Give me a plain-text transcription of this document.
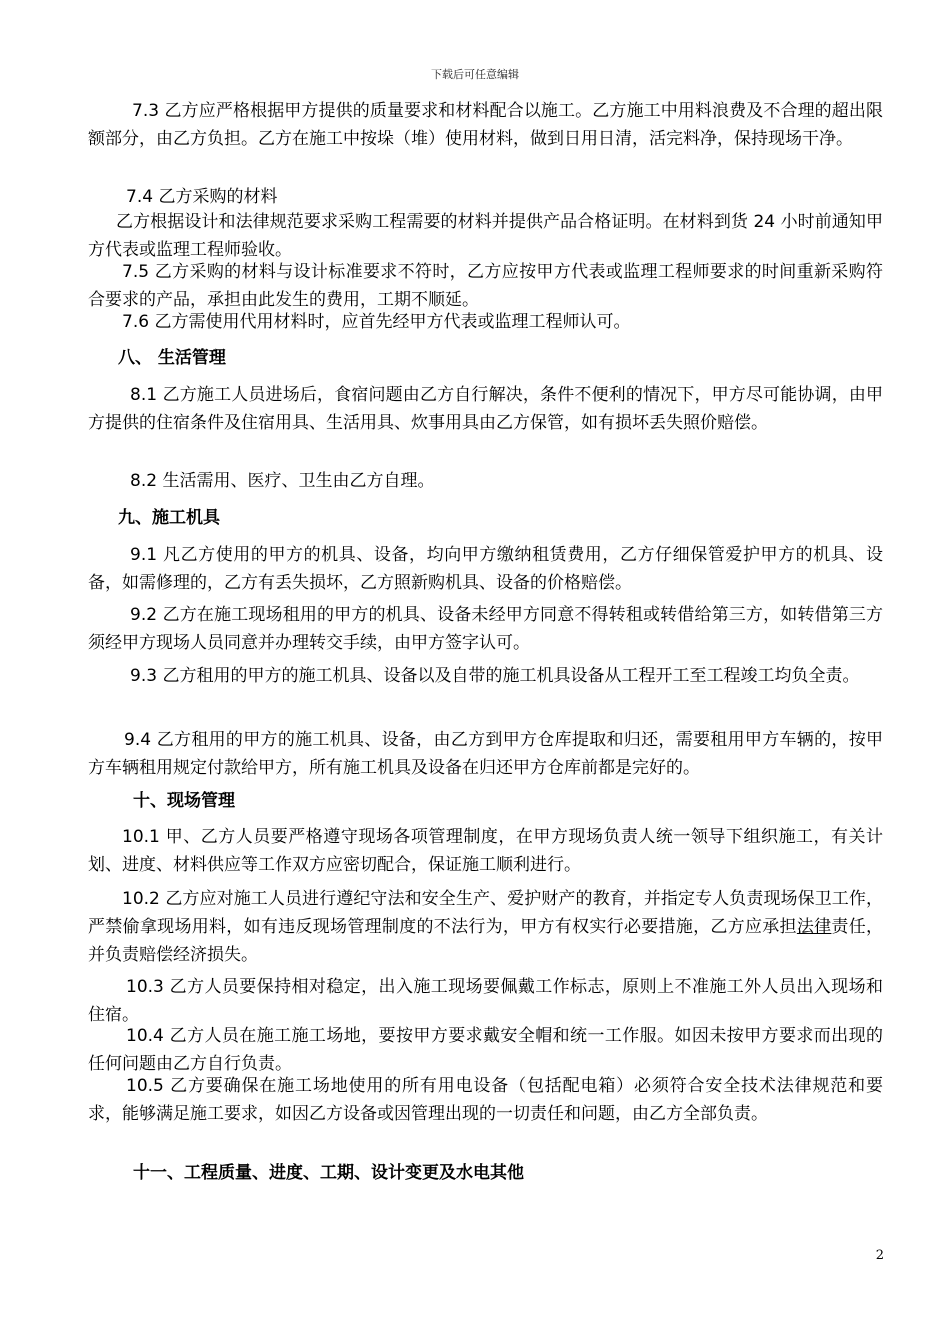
下载后可任意编辑
7.3 乙方应严格根据甲方提供的质量要求和材料配合以施工。乙方施工中用料浪费及不合理的超出限额部分，由乙方负担。乙方在施工中按垛（堆）使用材料，做到日用日清，活完料净，保持现场干净。
7.4 乙方采购的材料
乙方根据设计和法律规范要求采购工程需要的材料并提供产品合格证明。在材料到货 24 小时前通知甲方代表或监理工程师验收。
7.5 乙方采购的材料与设计标准要求不符时，乙方应按甲方代表或监理工程师要求的时间重新采购符合要求的产品，承担由此发生的费用，工期不顺延。
7.6 乙方需使用代用材料时，应首先经甲方代表或监理工程师认可。
八、 生活管理
8.1 乙方施工人员进场后，食宿问题由乙方自行解决，条件不便利的情况下，甲方尽可能协调，由甲方提供的住宿条件及住宿用具、生活用具、炊事用具由乙方保管，如有损坏丢失照价赔偿。
8.2 生活需用、医疗、卫生由乙方自理。
九、施工机具
9.1 凡乙方使用的甲方的机具、设备，均向甲方缴纳租赁费用，乙方仔细保管爱护甲方的机具、设备，如需修理的，乙方有丢失损坏，乙方照新购机具、设备的价格赔偿。
9.2 乙方在施工现场租用的甲方的机具、设备未经甲方同意不得转租或转借给第三方，如转借第三方须经甲方现场人员同意并办理转交手续，由甲方签字认可。
9.3 乙方租用的甲方的施工机具、设备以及自带的施工机具设备从工程开工至工程竣工均负全责。
9.4 乙方租用的甲方的施工机具、设备，由乙方到甲方仓库提取和归还，需要租用甲方车辆的，按甲方车辆租用规定付款给甲方，所有施工机具及设备在归还甲方仓库前都是完好的。
十、现场管理
10.1 甲、乙方人员要严格遵守现场各项管理制度，在甲方现场负责人统一领导下组织施工，有关计划、进度、材料供应等工作双方应密切配合，保证施工顺利进行。
10.2 乙方应对施工人员进行遵纪守法和安全生产、爱护财产的教育，并指定专人负责现场保卫工作，严禁偷拿现场用料，如有违反现场管理制度的不法行为，甲方有权实行必要措施，乙方应承担法律责任，并负责赔偿经济损失。
10.3 乙方人员要保持相对稳定，出入施工现场要佩戴工作标志，原则上不准施工外人员出入现场和住宿。
10.4 乙方人员在施工施工场地，要按甲方要求戴安全帽和统一工作服。如因未按甲方要求而出现的任何问题由乙方自行负责。
10.5 乙方要确保在施工场地使用的所有用电设备（包括配电箱）必须符合安全技术法律规范和要求，能够满足施工要求，如因乙方设备或因管理出现的一切责任和问题，由乙方全部负责。
十一、工程质量、进度、工期、设计变更及水电其他
2
